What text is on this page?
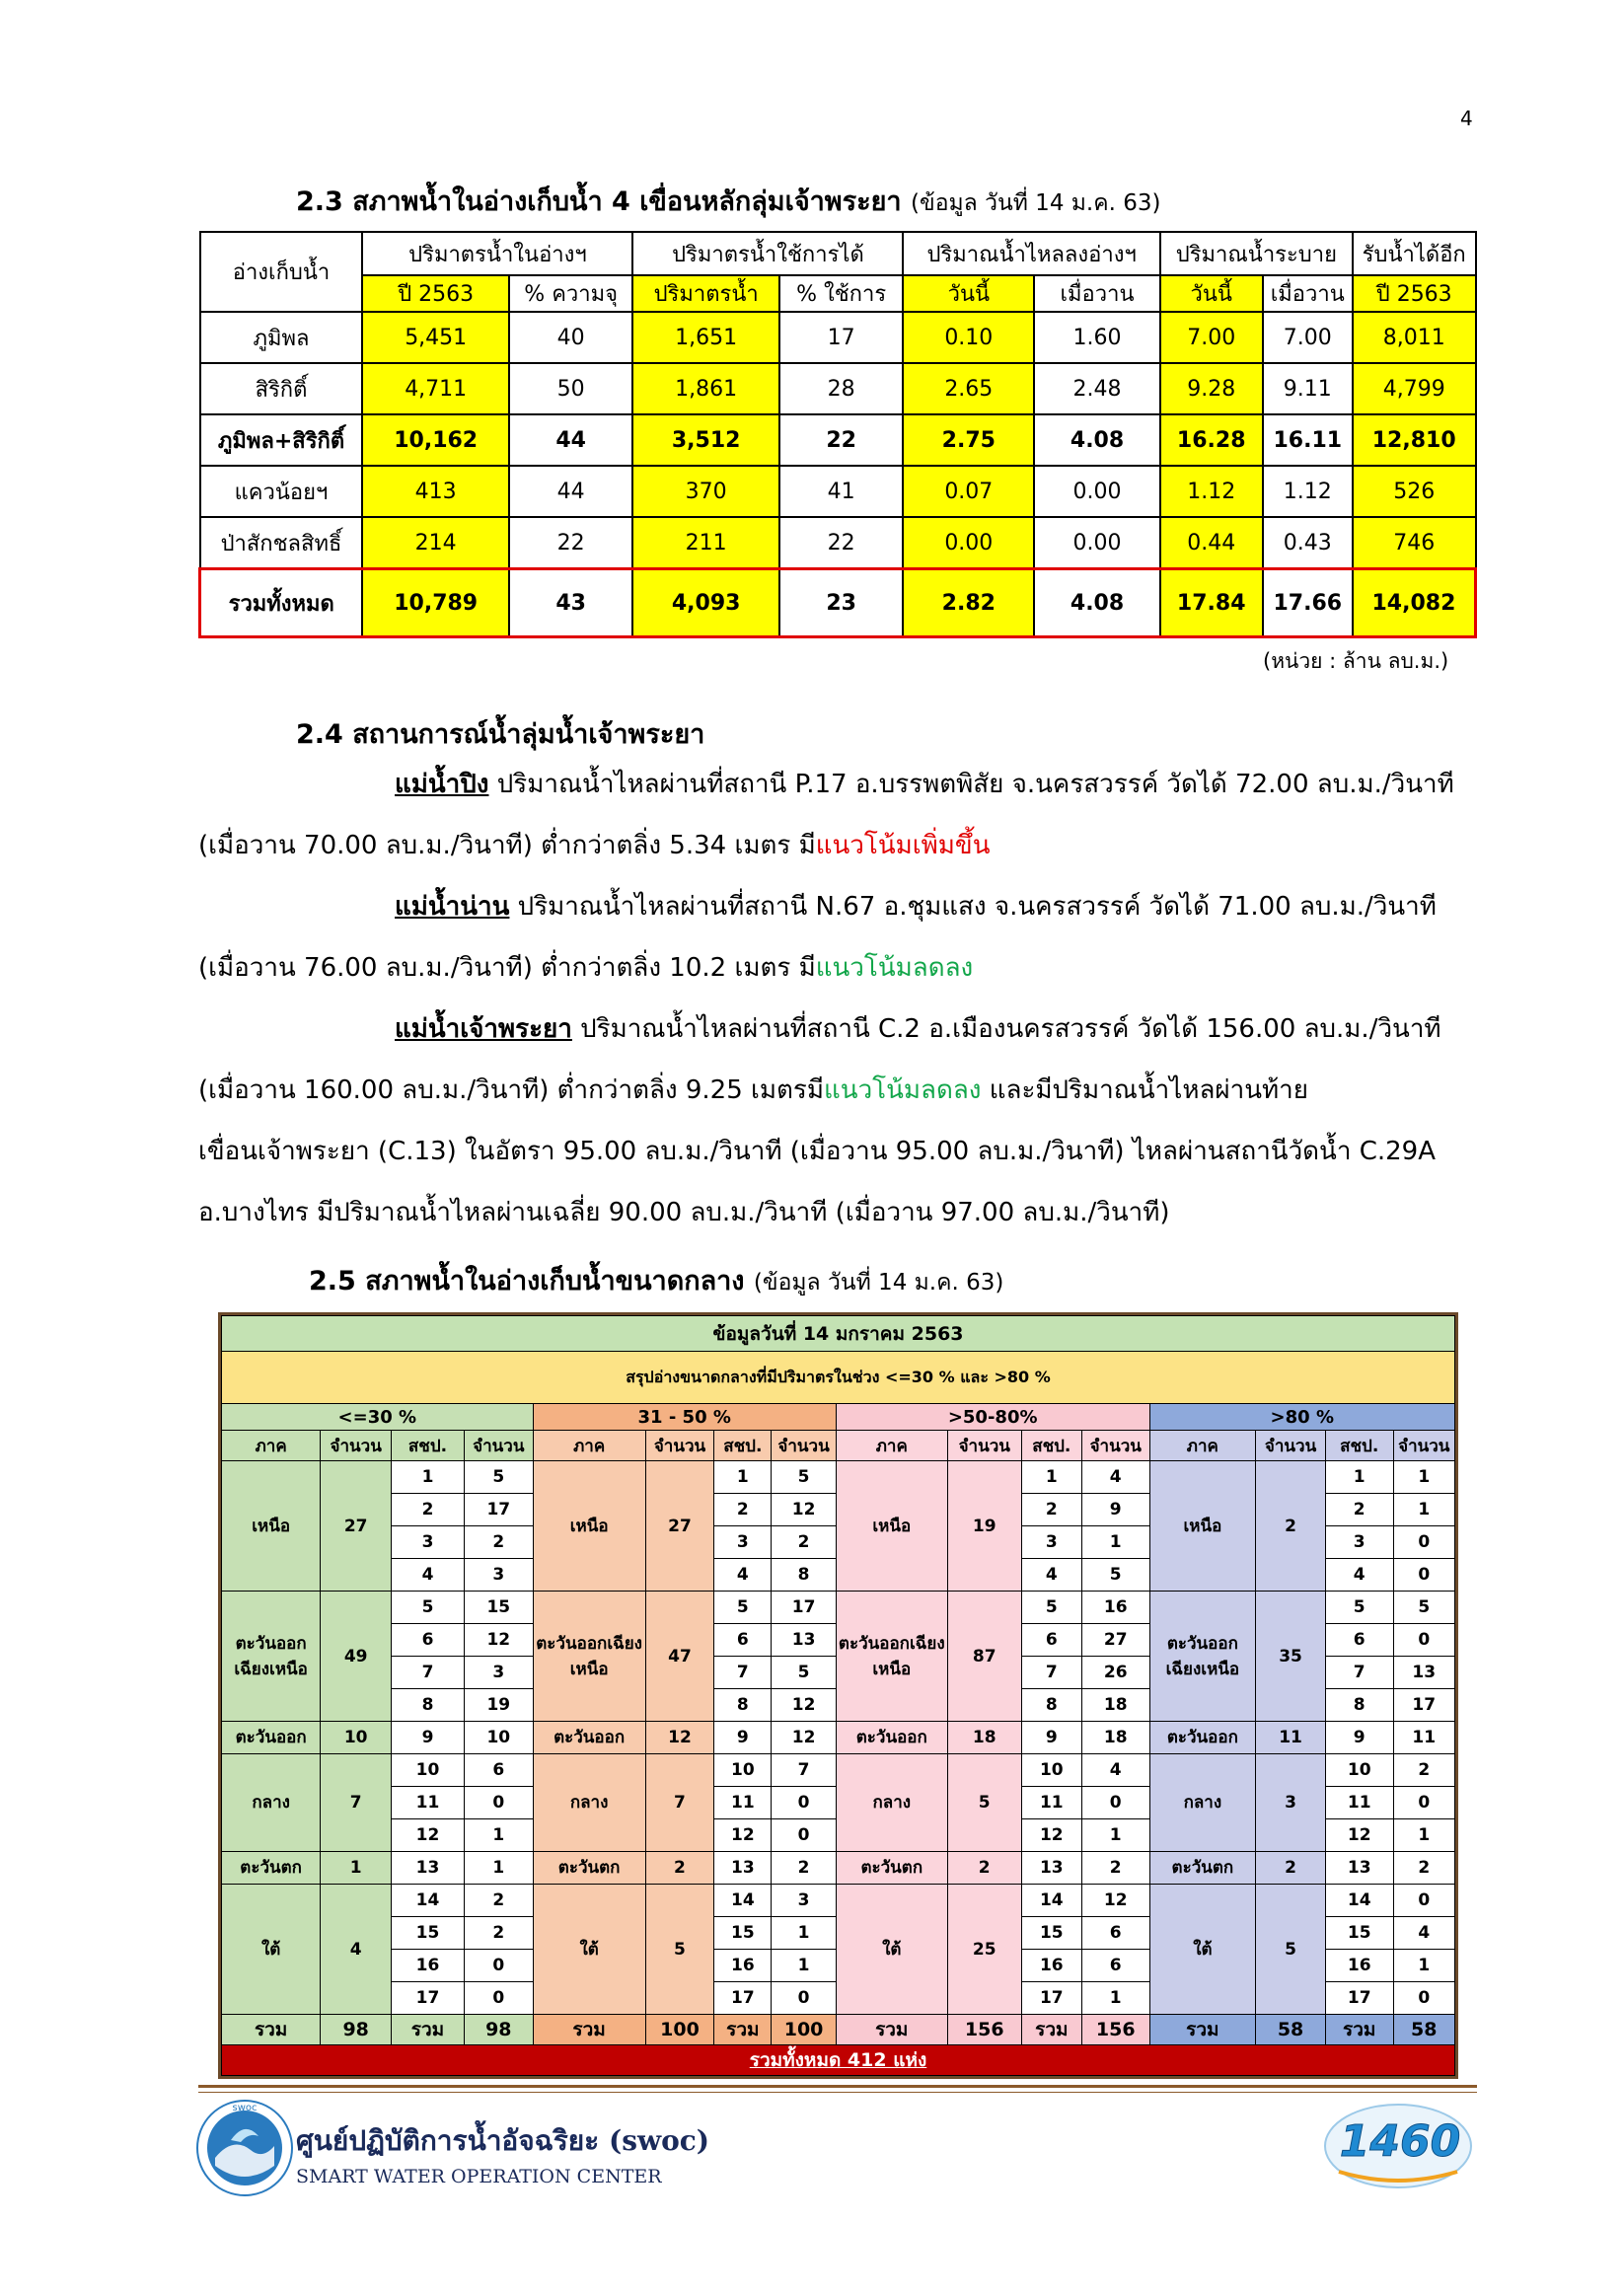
4
2.3 สภาพน้ำในอ่างเก็บน้ำ 4 เขื่อนหลักลุ่มเจ้าพระยา (ข้อมูล วันที่ 14 ม.ค. 63)
อ่างเก็บน้ำ	ปริมาตรน้ำในอ่างฯ		ปริมาตรน้ำใช้การได้		ปริมาณน้ำไหลลงอ่างฯ		ปริมาณน้ำระบาย		รับน้ำได้อีก
	ปี 2563	% ความจุ	ปริมาตรน้ำ	% ใช้การ	วันนี้	เมื่อวาน	วันนี้	เมื่อวาน	ปี 2563
ภูมิพล	5,451	40	1,651	17	0.10	1.60	7.00	7.00	8,011
สิริกิติ์	4,711	50	1,861	28	2.65	2.48	9.28	9.11	4,799
ภูมิพล+สิริกิติ์	10,162	44	3,512	22	2.75	4.08	16.28	16.11	12,810
แควน้อยฯ	413	44	370	41	0.07	0.00	1.12	1.12	526
ป่าสักชลสิทธิ์	214	22	211	22	0.00	0.00	0.44	0.43	746
รวมทั้งหมด	10,789	43	4,093	23	2.82	4.08	17.84	17.66	14,082
(หน่วย : ล้าน ลบ.ม.)
2.4 สถานการณ์น้ำลุ่มน้ำเจ้าพระยา
แม่น้ำปิง ปริมาณน้ำไหลผ่านที่สถานี P.17 อ.บรรพตพิสัย จ.นครสวรรค์ วัดได้ 72.00 ลบ.ม./วินาที
(เมื่อวาน 70.00 ลบ.ม./วินาที) ต่ำกว่าตลิ่ง 5.34 เมตร มีแนวโน้มเพิ่มขึ้น
แม่น้ำน่าน ปริมาณน้ำไหลผ่านที่สถานี N.67 อ.ชุมแสง จ.นครสวรรค์ วัดได้ 71.00 ลบ.ม./วินาที
(เมื่อวาน 76.00 ลบ.ม./วินาที) ต่ำกว่าตลิ่ง 10.2 เมตร มีแนวโน้มลดลง
แม่น้ำเจ้าพระยา ปริมาณน้ำไหลผ่านที่สถานี C.2 อ.เมืองนครสวรรค์ วัดได้ 156.00 ลบ.ม./วินาที
(เมื่อวาน 160.00 ลบ.ม./วินาที) ต่ำกว่าตลิ่ง 9.25 เมตรมีแนวโน้มลดลง และมีปริมาณน้ำไหลผ่านท้าย
เขื่อนเจ้าพระยา (C.13) ในอัตรา 95.00 ลบ.ม./วินาที (เมื่อวาน 95.00 ลบ.ม./วินาที) ไหลผ่านสถานีวัดน้ำ C.29A
อ.บางไทร มีปริมาณน้ำไหลผ่านเฉลี่ย 90.00 ลบ.ม./วินาที (เมื่อวาน 97.00 ลบ.ม./วินาที)
2.5 สภาพน้ำในอ่างเก็บน้ำขนาดกลาง (ข้อมูล วันที่ 14 ม.ค. 63)
ข้อมูลวันที่ 14 มกราคม 2563															
สรุปอ่างขนาดกลางที่มีปริมาตรในช่วง <=30 % และ >80 %															
<=30 %				31 - 50 %				>50-80%				>80 %			
ภาค	จำนวน	สชป.	จำนวน	ภาค	จำนวน	สชป.	จำนวน	ภาค	จำนวน	สชป.	จำนวน	ภาค	จำนวน	สชป.	จำนวน
เหนือ	27	1	5	เหนือ	27	1	5	เหนือ	19	1	4	เหนือ	2	1	1
		2	17			2	12			2	9			2	1
		3	2			3	2			3	1			3	0
		4	3			4	8			4	5			4	0
ตะวันออกเฉียงเหนือ	49	5	15	ตะวันออกเฉียงเหนือ	47	5	17	ตะวันออกเฉียงเหนือ	87	5	16	ตะวันออกเฉียงเหนือ	35	5	5
		6	12			6	13			6	27			6	0
		7	3			7	5			7	26			7	13
		8	19			8	12			8	18			8	17
ตะวันออก	10	9	10	ตะวันออก	12	9	12	ตะวันออก	18	9	18	ตะวันออก	11	9	11
กลาง	7	10	6	กลาง	7	10	7	กลาง	5	10	4	กลาง	3	10	2
		11	0			11	0			11	0			11	0
		12	1			12	0			12	1			12	1
ตะวันตก	1	13	1	ตะวันตก	2	13	2	ตะวันตก	2	13	2	ตะวันตก	2	13	2
ใต้	4	14	2	ใต้	5	14	3	ใต้	25	14	12	ใต้	5	14	0
		15	2			15	1			15	6			15	4
		16	0			16	1			16	6			16	1
		17	0			17	0			17	1			17	0
รวม	98	รวม	98	รวม	100	รวม	100	รวม	156	รวม	156	รวม	58	รวม	58
รวมทั้งหมด 412 แห่ง															
swoc
ศูนย์ปฏิบัติการน้ำอัจฉริยะ (swoc)
SMART WATER OPERATION CENTER
1460
